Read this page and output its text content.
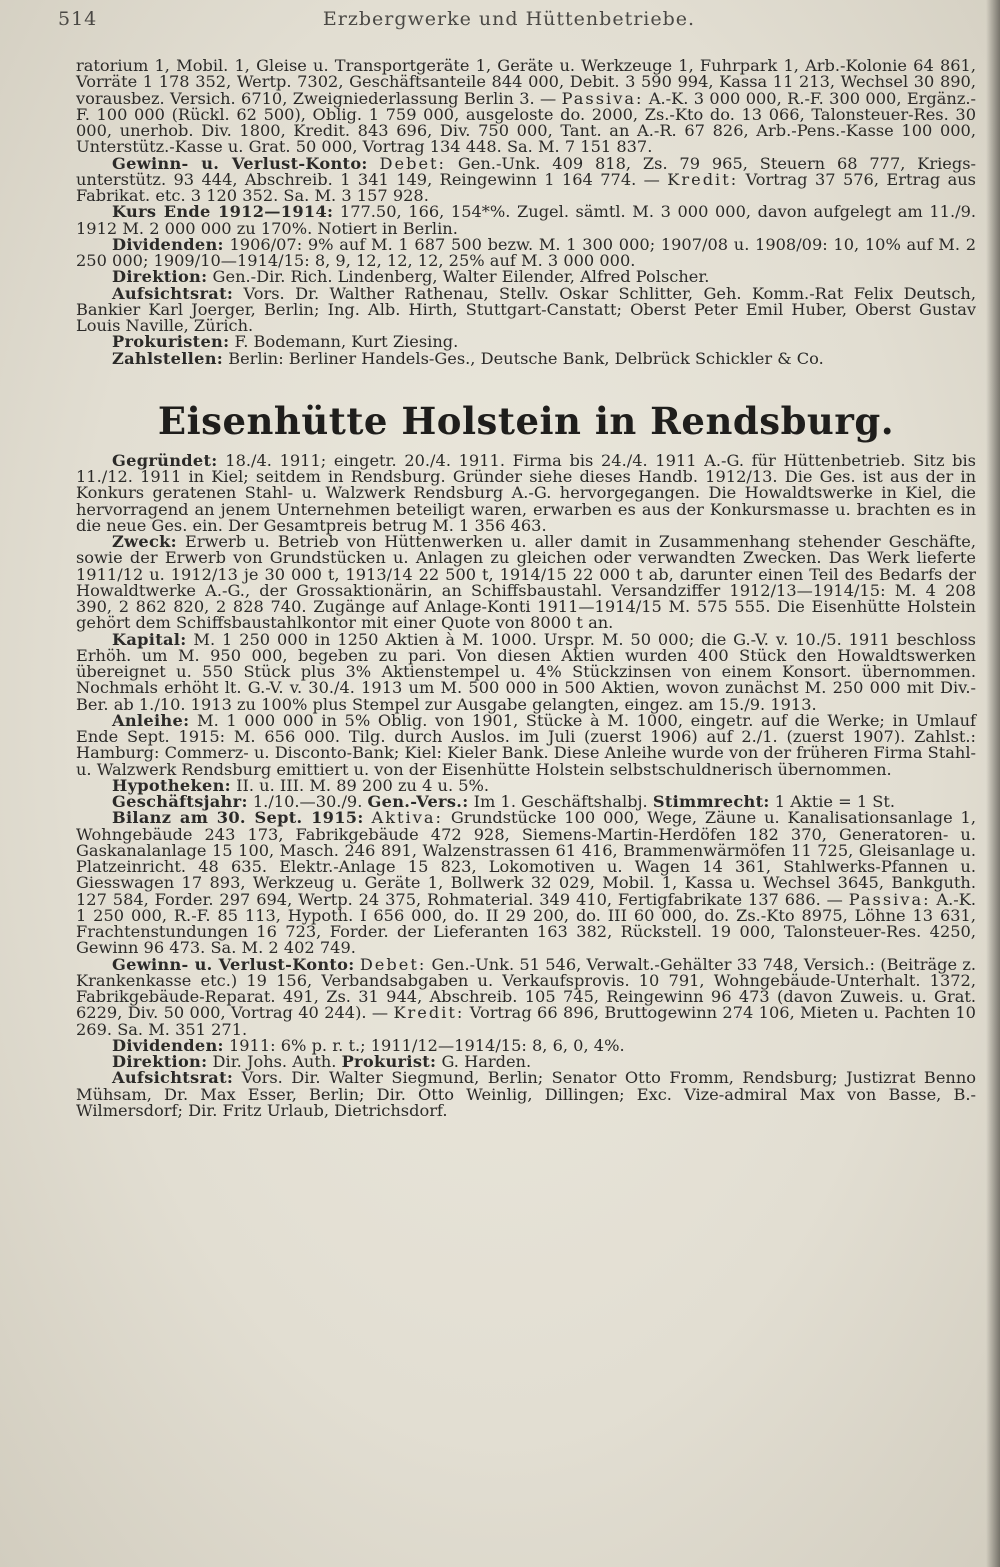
514	Erzbergwerke und Hüttenbetriebe.

ratorium 1, Mobil. 1, Gleise u. Transportgeräte 1, Geräte u. Werkzeuge 1, Fuhrpark 1, Arb.-Kolonie 64 861, Vorräte 1 178 352, Wertp. 7302, Geschäftsanteile 844 000, Debit. 3 590 994, Kassa 11 213, Wechsel 30 890, vorausbez. Versich. 6710, Zweigniederlassung Berlin 3. — Passiva: A.-K. 3 000 000, R.-F. 300 000, Ergänz.-F. 100 000 (Rückl. 62 500), Oblig. 1 759 000, ausgeloste do. 2000, Zs.-Kto do. 13 066, Talonsteuer-Res. 30 000, unerhob. Div. 1800, Kredit. 843 696, Div. 750 000, Tant. an A.-R. 67 826, Arb.-Pens.-Kasse 100 000, Unterstütz.-Kasse u. Grat. 50 000, Vortrag 134 448. Sa. M. 7 151 837.

Gewinn- u. Verlust-Konto: Debet: Gen.-Unk. 409 818, Zs. 79 965, Steuern 68 777, Kriegs-unterstütz. 93 444, Abschreib. 1 341 149, Reingewinn 1 164 774. — Kredit: Vortrag 37 576, Ertrag aus Fabrikat. etc. 3 120 352. Sa. M. 3 157 928.

Kurs Ende 1912—1914: 177.50, 166, 154*%. Zugel. sämtl. M. 3 000 000, davon aufgelegt am 11./9. 1912 M. 2 000 000 zu 170%. Notiert in Berlin.

Dividenden: 1906/07: 9% auf M. 1 687 500 bezw. M. 1 300 000; 1907/08 u. 1908/09: 10, 10% auf M. 2 250 000; 1909/10—1914/15: 8, 9, 12, 12, 12, 25% auf M. 3 000 000.

Direktion: Gen.-Dir. Rich. Lindenberg, Walter Eilender, Alfred Polscher.

Aufsichtsrat: Vors. Dr. Walther Rathenau, Stellv. Oskar Schlitter, Geh. Komm.-Rat Felix Deutsch, Bankier Karl Joerger, Berlin; Ing. Alb. Hirth, Stuttgart-Canstatt; Oberst Peter Emil Huber, Oberst Gustav Louis Naville, Zürich.

Prokuristen: F. Bodemann, Kurt Ziesing.

Zahlstellen: Berlin: Berliner Handels-Ges., Deutsche Bank, Delbrück Schickler & Co.

Eisenhütte Holstein in Rendsburg.

Gegründet: 18./4. 1911; eingetr. 20./4. 1911. Firma bis 24./4. 1911 A.-G. für Hüttenbetrieb. Sitz bis 11./12. 1911 in Kiel; seitdem in Rendsburg. Gründer siehe dieses Handb. 1912/13. Die Ges. ist aus der in Konkurs geratenen Stahl- u. Walzwerk Rendsburg A.-G. hervorgegangen. Die Howaldtswerke in Kiel, die hervorragend an jenem Unternehmen beteiligt waren, erwarben es aus der Konkursmasse u. brachten es in die neue Ges. ein. Der Gesamtpreis betrug M. 1 356 463.

Zweck: Erwerb u. Betrieb von Hüttenwerken u. aller damit in Zusammenhang stehender Geschäfte, sowie der Erwerb von Grundstücken u. Anlagen zu gleichen oder verwandten Zwecken. Das Werk lieferte 1911/12 u. 1912/13 je 30 000 t, 1913/14 22 500 t, 1914/15 22 000 t ab, darunter einen Teil des Bedarfs der Howaldtwerke A.-G., der Grossaktionärin, an Schiffsbaustahl. Versandziffer 1912/13—1914/15: M. 4 208 390, 2 862 820, 2 828 740. Zugänge auf Anlage-Konti 1911—1914/15 M. 575 555. Die Eisenhütte Holstein gehört dem Schiffsbaustahlkontor mit einer Quote von 8000 t an.

Kapital: M. 1 250 000 in 1250 Aktien à M. 1000. Urspr. M. 50 000; die G.-V. v. 10./5. 1911 beschloss Erhöh. um M. 950 000, begeben zu pari. Von diesen Aktien wurden 400 Stück den Howaldtswerken übereignet u. 550 Stück plus 3% Aktienstempel u. 4% Stückzinsen von einem Konsort. übernommen. Nochmals erhöht lt. G.-V. v. 30./4. 1913 um M. 500 000 in 500 Aktien, wovon zunächst M. 250 000 mit Div.-Ber. ab 1./10. 1913 zu 100% plus Stempel zur Ausgabe gelangten, eingez. am 15./9. 1913.

Anleihe: M. 1 000 000 in 5% Oblig. von 1901, Stücke à M. 1000, eingetr. auf die Werke; in Umlauf Ende Sept. 1915: M. 656 000. Tilg. durch Auslos. im Juli (zuerst 1906) auf 2./1. (zuerst 1907). Zahlst.: Hamburg: Commerz- u. Disconto-Bank; Kiel: Kieler Bank. Diese Anleihe wurde von der früheren Firma Stahl- u. Walzwerk Rendsburg emittiert u. von der Eisenhütte Holstein selbstschuldnerisch übernommen.

Hypotheken: II. u. III. M. 89 200 zu 4 u. 5%.

Geschäftsjahr: 1./10.—30./9. Gen.-Vers.: Im 1. Geschäftshalbj. Stimmrecht: 1 Aktie = 1 St.

Bilanz am 30. Sept. 1915: Aktiva: Grundstücke 100 000, Wege, Zäune u. Kanalisationsanlage 1, Wohngebäude 243 173, Fabrikgebäude 472 928, Siemens-Martin-Herdöfen 182 370, Generatoren- u. Gaskanalanlage 15 100, Masch. 246 891, Walzenstrassen 61 416, Brammenwärmöfen 11 725, Gleisanlage u. Platzeinricht. 48 635. Elektr.-Anlage 15 823, Lokomotiven u. Wagen 14 361, Stahlwerks-Pfannen u. Giesswagen 17 893, Werkzeug u. Geräte 1, Bollwerk 32 029, Mobil. 1, Kassa u. Wechsel 3645, Bankguth. 127 584, Forder. 297 694, Wertp. 24 375, Rohmaterial. 349 410, Fertigfabrikate 137 686. — Passiva: A.-K. 1 250 000, R.-F. 85 113, Hypoth. I 656 000, do. II 29 200, do. III 60 000, do. Zs.-Kto 8975, Löhne 13 631, Frachtenstundungen 16 723, Forder. der Lieferanten 163 382, Rückstell. 19 000, Talonsteuer-Res. 4250, Gewinn 96 473. Sa. M. 2 402 749.

Gewinn- u. Verlust-Konto: Debet: Gen.-Unk. 51 546, Verwalt.-Gehälter 33 748, Versich.: (Beiträge z. Krankenkasse etc.) 19 156, Verbandsabgaben u. Verkaufsprovis. 10 791, Wohngebäude-Unterhalt. 1372, Fabrikgebäude-Reparat. 491, Zs. 31 944, Abschreib. 105 745, Reingewinn 96 473 (davon Zuweis. u. Grat. 6229, Div. 50 000, Vortrag 40 244). — Kredit: Vortrag 66 896, Bruttogewinn 274 106, Mieten u. Pachten 10 269. Sa. M. 351 271.

Dividenden: 1911: 6% p. r. t.; 1911/12—1914/15: 8, 6, 0, 4%.

Direktion: Dir. Johs. Auth. Prokurist: G. Harden.

Aufsichtsrat: Vors. Dir. Walter Siegmund, Berlin; Senator Otto Fromm, Rendsburg; Justizrat Benno Mühsam, Dr. Max Esser, Berlin; Dir. Otto Weinlig, Dillingen; Exc. Vize-admiral Max von Basse, B.-Wilmersdorf; Dir. Fritz Urlaub, Dietrichsdorf.
